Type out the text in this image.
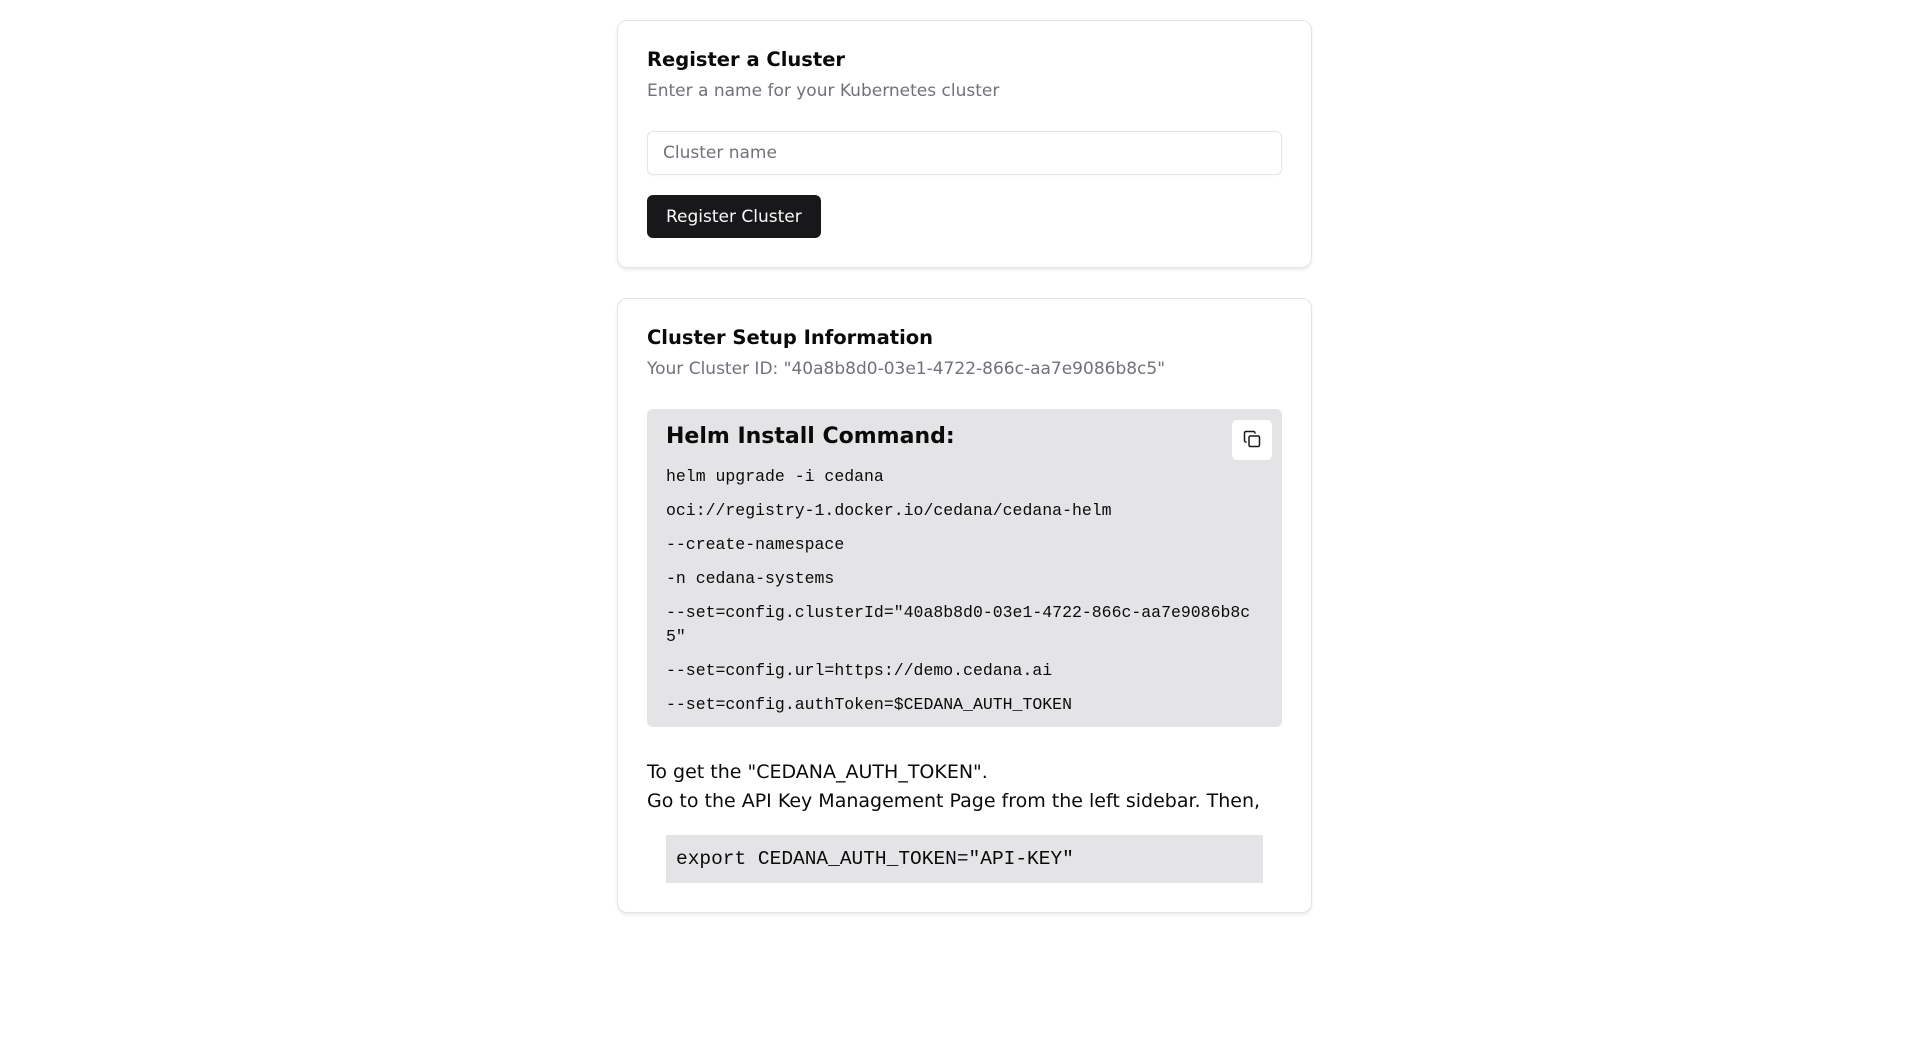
Register a Cluster
Enter a name for your Kubernetes cluster
Cluster name Register Cluster
Cluster Setup Information
Your Cluster ID: "40a8b8d0-03e1-4722-866c-aa7e9086b8c5"
Helm Install Command:
helm upgrade -i cedana
oci://registry-1.docker.io/cedana/cedana-helm
--create-namespace
-n cedana-systems
--set=config.clusterId="40a8b8d0-03e1-4722-866c-aa7e9086b8c5"
--set=config.url=https://demo.cedana.ai
--set=config.authToken=$CEDANA_AUTH_TOKEN
To get the "CEDANA_AUTH_TOKEN".
Go to the API Key Management Page from the left sidebar. Then,
export CEDANA_AUTH_TOKEN="API-KEY"
